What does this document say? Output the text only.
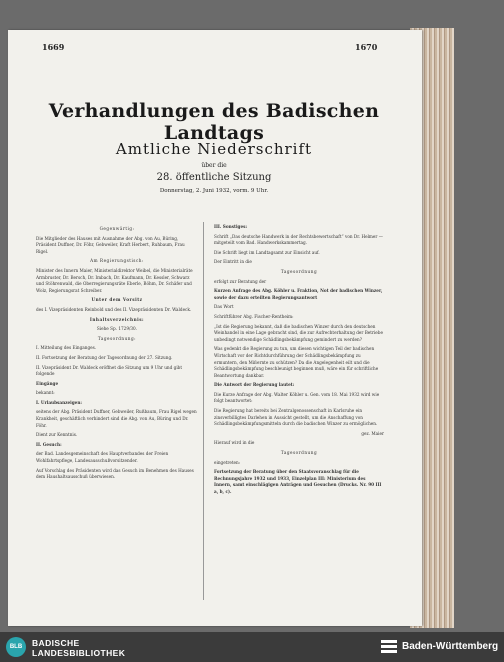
1669	1670
Verhandlungen des Badischen Landtags
Amtliche Niederschrift
über die
28. öffentliche Sitzung
Donnerstag, 2. Juni 1932, vorm. 9 Uhr.
Gegenwärtig:
Die Mitglieder des Hauses mit Ausnahme der Abg. von Au, Büring, Präsident Duffner, Dr. Föhr, Gebweiler, Kraft Herbert, Ruhbaum, Frau Rigel.
Am Regierungstisch:
Minister des Innern Maier, Ministerialdirektor Weibel, die Ministerialräte Armbruster, Dr. Bersch, Dr. Imbach, Dr. Kaufmann, Dr. Kessler, Schwarz und Stöhrenwald, die Oberregierungsräte Eberle, Böhm, Dr. Schäfer und Wolz, Regierungsrat Schreiber.
Unter dem Vorsitz
des I. Vizepräsidenten Reinbold und des II. Vizepräsidenten Dr. Waldeck.
Inhaltsverzeichnis:
Siehe Sp. 1729/30.
Tagesordnung:
I. Mitteilung des Einganges.
II. Fortsetzung der Beratung der Tagesordnung der 27. Sitzung.
II. Vizepräsident Dr. Waldeck eröffnet die Sitzung um 9 Uhr und gibt folgende
Eingänge
bekannt:
I. Urlaubsanzeigen:
seitens der Abg. Präsident Duffner, Gebweiler, Rußbaum, Frau Rigel wegen Krankheit, geschäftlich verhindert sind die Abg. von Au, Büring und Dr. Föhr.
Dient zur Kenntnis.
II. Gesuch:
der Bad. Landesgemeinschaft des Hauptverbandes der Freien Wohlfahrtspflege, Landesausschußvorsitzender.
Auf Vorschlag des Präsidenten wird das Gesuch im Benehmen des Hauses dem Haushaltsausschuß überwiesen.
III. Sonstiges:
Schrift „Das deutsche Handwerk in der Rechtsbewertschaft“ von Dr. Helmer — mitgeteilt vom Bad. Handwerkskammertag.
Die Schrift liegt im Landtagsamt zur Einsicht auf.
Der Eintritt in die
Tagesordnung
erfolgt zur Beratung der
Kurzen Anfrage des Abg. Köhler u. Fraktion, Not der badischen Winzer, sowie der dazu erteilten Regierungsantwort
Das Wort
Schriftführer Abg. Fischer-Rentheim:
„Ist die Regierung bekannt, daß die badischen Winzer durch den deutschen Weinhandel in eine Lage gebracht sind, die zur Aufrechterhaltung der Betriebe unbedingt notwendige Schädlingsbekämpfung gemindert zu werden?
Was gedenkt die Regierung zu tun, um diesen wichtigen Teil der badischen Wirtschaft vor der Richtdurchführung der Schädlingsbekämpfung zu ermuntern, den Mißernte zu schützen? Da die Angelegenheit eilt und die Schädlingsbekämpfung beschleunigt beginnen muß, wäre ein für schriftliche Beantwortung dankbar.
Die Antwort der Regierung lautet:
Die Kurze Anfrage der Abg. Walter Köhler u. Gen. vom 18. Mai 1932 wird wie folgt beantwortet:
Die Regierung hat bereits bei Zentralgenossenschaft in Karlsruhe ein zinsverbilligtes Darlehen in Aussicht gestellt, um die Anschaffung von Schädlingsbekämpfungsmitteln durch die badischen Winzer zu ermöglichen.
gez. Maier
Hierauf wird in die
Tagesordnung
eingetreten:
Fortsetzung der Beratung über den Staatsvoranschlag für die Rechnungsjahre 1932 und 1933, Einzelplan III: Ministerium des Innern, samt einschlägigen Anträgen und Gesuchen (Drucks. Nr. 90 III a, b, c).
BLB	BADISCHE
LANDESBIBLIOTHEK
Baden-Württemberg
